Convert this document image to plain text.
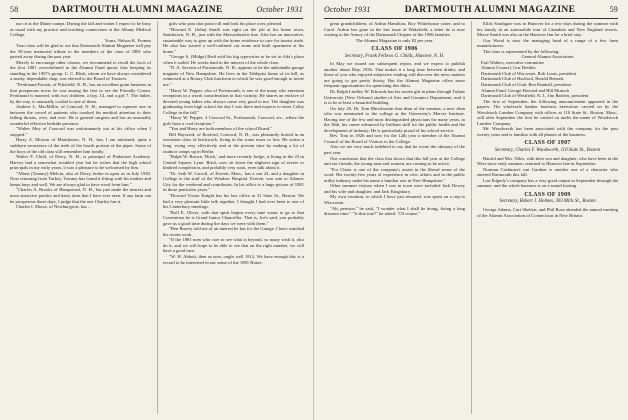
58	DARTMOUTH ALUMNI MAGAZINE	October 1931

use of at the Maine camps. During the fall and winter I expect to be busy as usual with my practice and teaching connections at the Albany Medical College.

Yours, Nelson K. Fromm

Your class will be glad to see that Dartmouth Alumni Magazine will pay the 50-year memorial tribute to the members of the class of 1881 who passed away during the past year.

Merely to encourage other classes, we recommend to recall the facts of the first 1881 overwhelmed in the Alumni Fund quota, thus keeping its standing in the 1907's group. C. C. Blish, whom we have always considered a sturdy, dependable chap, was elected to the Board of Trustees.

"Ferdinand Fassett, of Pittsfield, N. H., has an excellent grain business in that prosperous town; he was among the first to see the Friendly Corner. Ferdinand is married, with two children, a boy, 14, and a girl 7. The father, by the way, is unusually cordial to one of them.

Andrew L. MacMillin, of Concord, N. H., managed to squeeze one in between the crowd of patients who crushed his medical attention to their failing throats, over, and over. He is general surgeon and has an unusually wonderful effective bedside presence.

"Walter Mey of Concord was unfortunately out at his office when I stopped."

Harry A. Moison of Manchester, N. H., has, I am informed, quite a stubborn recurrence of the teeth of the fourth portion of the pipes. Some of the boys of the old class still remember him fondly.

Walter F. Child, of Derry, N. H., is principal of Pinkerton Academy. Harvey had a somewhat troubled year but he writes that the high school principals in my early years, it was a pleasure to be welcomed by him.

"Albert (Tommy) Melvin, also of Derry, broke in upon us in July 1930. Now returning from Turkey, Tommy has found it fitting with his mother and keeps busy and well. We are always glad to have word from him."

"Charles A. Brooks of Hampstead, N. H., has just made the nearest and most attractive poultry and dairy farm that I have ever seen. If any farm can be prosperous these days, I judge that the one Charley has it.

Charles I. Morse, of Newburyport, has ...

girls who pass that point roll and look his place over, pleased.

"Howard E. (John) Smith was right on the job at his home town, Smithtown, N. H., just with the Massachusetts line. Also has an innovative, sustainable way to gear up with the home residence to care for tourist trade. He also has started a well-outlined cut stone and built apartment at his home."

"George S. (Midge) Reid sold his big typewriter to be set in Ada's place when it sailed. He works hard in the interest of the whole class.

"N. A. Severin of Portsmouth, N. H., appears to be the unbeatable garage magnate of New Hampshire. He lives in the Tahlquist home of its kill, as witnessed at a Rotary Club luncheon to which he was good enough to invite me."

"Harry W. Pepper, also of Portsmouth, is one of the many who entertain receptions in a worth consideration in that vicinity. He shares an enclave of devoted young ladies who always come very good to me. The daughter was graduating from high school the day I was there and expects to enter Colby College in the fall."

"Harry W. Pepper, 4 Concord St., Portsmouth, Concord, etc., where the girls have a cool reception."

"You and Harry are both members of the school Board."

Bill Hayward, of Boxford, Concord, N. H., was pleasantly hosted in an extension class of brickwork, living in the water more or less. He writes a long, swing very effectively and at the present time by making a lot of outdoor camps up in Berlin.

"Ralph W. Brown, 'Brick,' and more recently Judge, is living in the 23 in Central Square, Lynn. Brick, now sit down the slightest sign of severe or kindred complexion, and probably very soon, even talk about it.

"Dr. Seth W. Carroll, of Everett, Mass., has a son 24, and a daughter in College to the staff of the Windsor Hospital. Everett, was sent to Atlantic City for the weekend and contributes. In his office is a huge picture of 1881 in those particular years."

"Howard Vivian Knight has his law office at 31 State St., Boston. We had a very pleasant little talk together. I thought I had ever been to one of his Canterbury meetings.

"Rolf E. Oliver, with that spirit begins every tune wants to go to that Convention he is Grand Junior Chancellor. That is, Joe's said, you probably gave us a good time during the days we were with them."

"Ben Bracey told me of an interest he has for the Grange. I have watched his recent work.

"If the 1881 men who care to see what is beyond, so many wish it, also do it, and we will hope to be able to see that on the right number, we will have a good turn.

"W. H. Abbott, then as now, ought well 1912. We have enough this is a record to be interested in our sense of the 1881 Home.

October 1931	DARTMOUTH ALUMNI MAGAZINE	59

great grandchildren, of Arthur Hamilton, Roy Whitehouse sister; and to Carol. Arthur has gone in the last issue of Wakefield, a letter he is now visiting to the Amory of the Dartmouth Chapter of the 1906 families.

The Alumni Magazine is only 82 per year.

CLASS OF 1906

Secretary, Frank Fellows G. Childs, Hanover, N. H.

In May we issued our subsequent report, and we expect to publish another about May, 1936. That makes it a long time between drinks, and those of you who enjoyed subjective reading will discover the news matters are going to get pretty thirsty. But the Alumni Magazine offers more frequent opportunities for quenching this thirst.

Dr. Ralph Lindley W. Edwards has his recent gift in plans through Tulane University (New Orleans) studies of Arts and Ceramics Department, and it is to be at least a beautiful building.

On July 20, Dr. Tom Bhoolvartan that dean of the seminar, a new dean who was nominated to the college at the University's Mercer Institute. Having one of the few and most distinguished physicians for many years, in the 36th, his career advanced by brilliant skill for the public health and the development of industry. He is particularly proud of his school service.

Rev. Tom in 1926 and now for the 12th year a member of the Alumni Council of the Board of Visitors to the College.

Also we are very much indebted to say that he wrote the obituary of the past year.

Our conclusion that the class that shows that this fall year at the College and our friends, the young men and women, are coming to be active.

"For Chase is one of the company's assets in the liberal sense of the word. His twenty-five years of experience in civic affairs and in the public utility industry make his name a familiar one in New Hampshire."

Other summer visitors when I was in town were included Jack Dewey and his wife and daughter, and Jack Kingsbury.

My own vacation, to which I have just returned, was spent on a trip to Wisconsin.

"Ah, pension," he said, "I wonder what I shall be doing, fixing a long distance time." "Is that true?" he asked. "Of course."

Elick Southgate was in Hanover for a few days during the summer with his family in an automobile tour of Canadian and New England resorts. Morse Smith was also at the Hanover Inn for a brief stay.

Gus Wood is now the managing head of a range of a few farm manufacturers.

The class is represented by the following:

General Alumni Association

Earl Walters, executive committee

Alumni Council, Gus Deshler

Dartmouth Club of Worcester, Rob Louis, president

Dartmouth Club of Hartford, Harold Bennett

Dartmouth Club of Utah, Ben Kimball, president

Alumni Fund, George Howard and Bill Munsch

Dartmouth Club of Westfield, N. J., Jim Bartlett, president

The first of September, the following announcement appeared in the papers: The wholesale lumber business heretofore carried on by the Woodstock Lumber Company with offices at 110 State St., Boston, Mass., will after September the first be carried on under the name of Woodstock Lumber Company.

Mr. Woodworth has been associated with the company for the past twenty years and is familiar with all phases of the business.

CLASS OF 1907

Secretary, Charles F. Woodworth, 110 State St., Boston

Harold and Mrs. Niles, with their son and daughter, who have been in the West since early summer, returned to Hanover late in September.

Norman Cushman's son Gardner is another one of a character who entered Dartmouth this fall.

Lou Edgerly's company has a very good output in September through the summer, and the whole business is on a sound footing.

CLASS OF 1909

Secretary, Robert J. Holmes, 303 Mills St., Boston

George Adams, Curt Shelton, and Phil Rose attended the annual meeting of the Alumni Association of Connecticut in New Britain.
